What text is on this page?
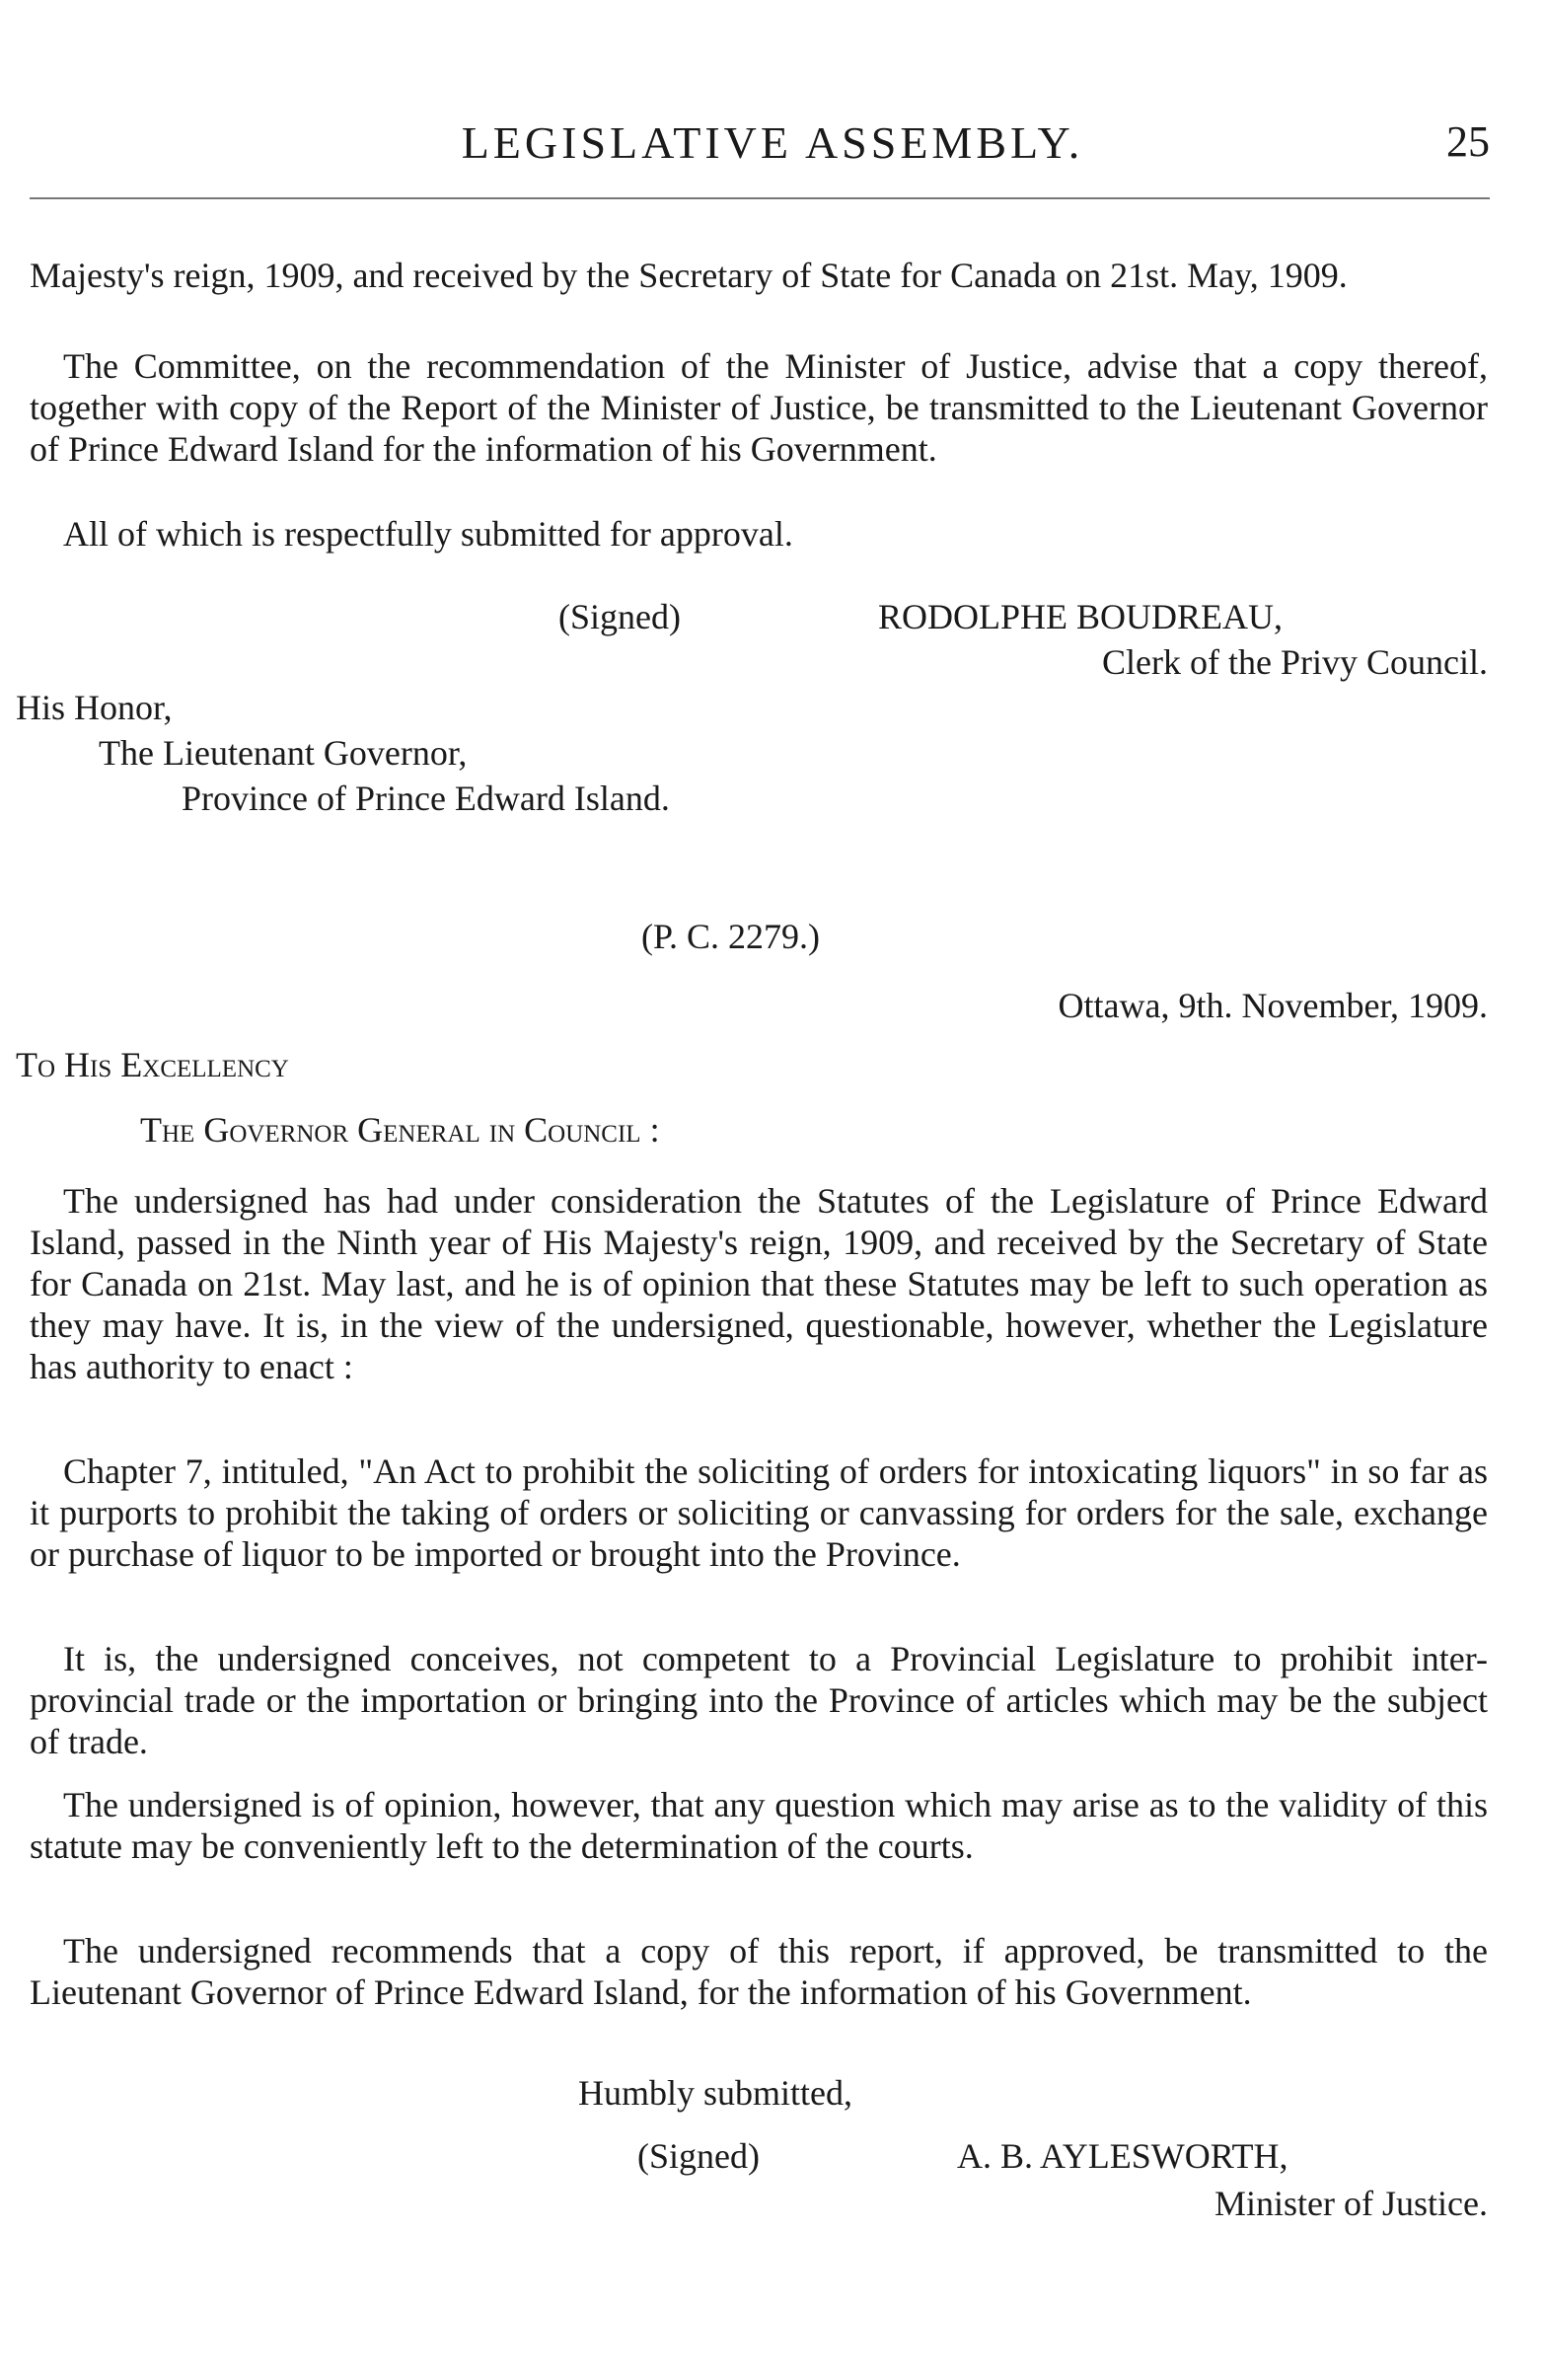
LEGISLATIVE ASSEMBLY.	25
Majesty's reign, 1909, and received by the Secretary of State for Canada on 21st. May, 1909.
The Committee, on the recommendation of the Minister of Justice, advise that a copy thereof, together with copy of the Report of the Minister of Justice, be transmitted to the Lieutenant Governor of Prince Edward Island for the information of his Government.
All of which is respectfully submitted for approval.
(Signed)	RODOLPHE BOUDREAU,
Clerk of the Privy Council.
His Honor,
The Lieutenant Governor,
Province of Prince Edward Island.
(P. C. 2279.)
Ottawa, 9th. November, 1909.
To His Excellency
The Governor General in Council :
The undersigned has had under consideration the Statutes of the Legislature of Prince Edward Island, passed in the Ninth year of His Majesty's reign, 1909, and received by the Secretary of State for Canada on 21st. May last, and he is of opinion that these Statutes may be left to such operation as they may have. It is, in the view of the undersigned, questionable, however, whether the Legislature has authority to enact :
Chapter 7, intituled, "An Act to prohibit the soliciting of orders for intoxicating liquors" in so far as it purports to prohibit the taking of orders or soliciting or canvassing for orders for the sale, exchange or purchase of liquor to be imported or brought into the Province.
It is, the undersigned conceives, not competent to a Provincial Legislature to prohibit inter-provincial trade or the importation or bringing into the Province of articles which may be the subject of trade.
The undersigned is of opinion, however, that any question which may arise as to the validity of this statute may be conveniently left to the determination of the courts.
The undersigned recommends that a copy of this report, if approved, be transmitted to the Lieutenant Governor of Prince Edward Island, for the information of his Government.
Humbly submitted,
(Signed)	A. B. AYLESWORTH,
Minister of Justice.
